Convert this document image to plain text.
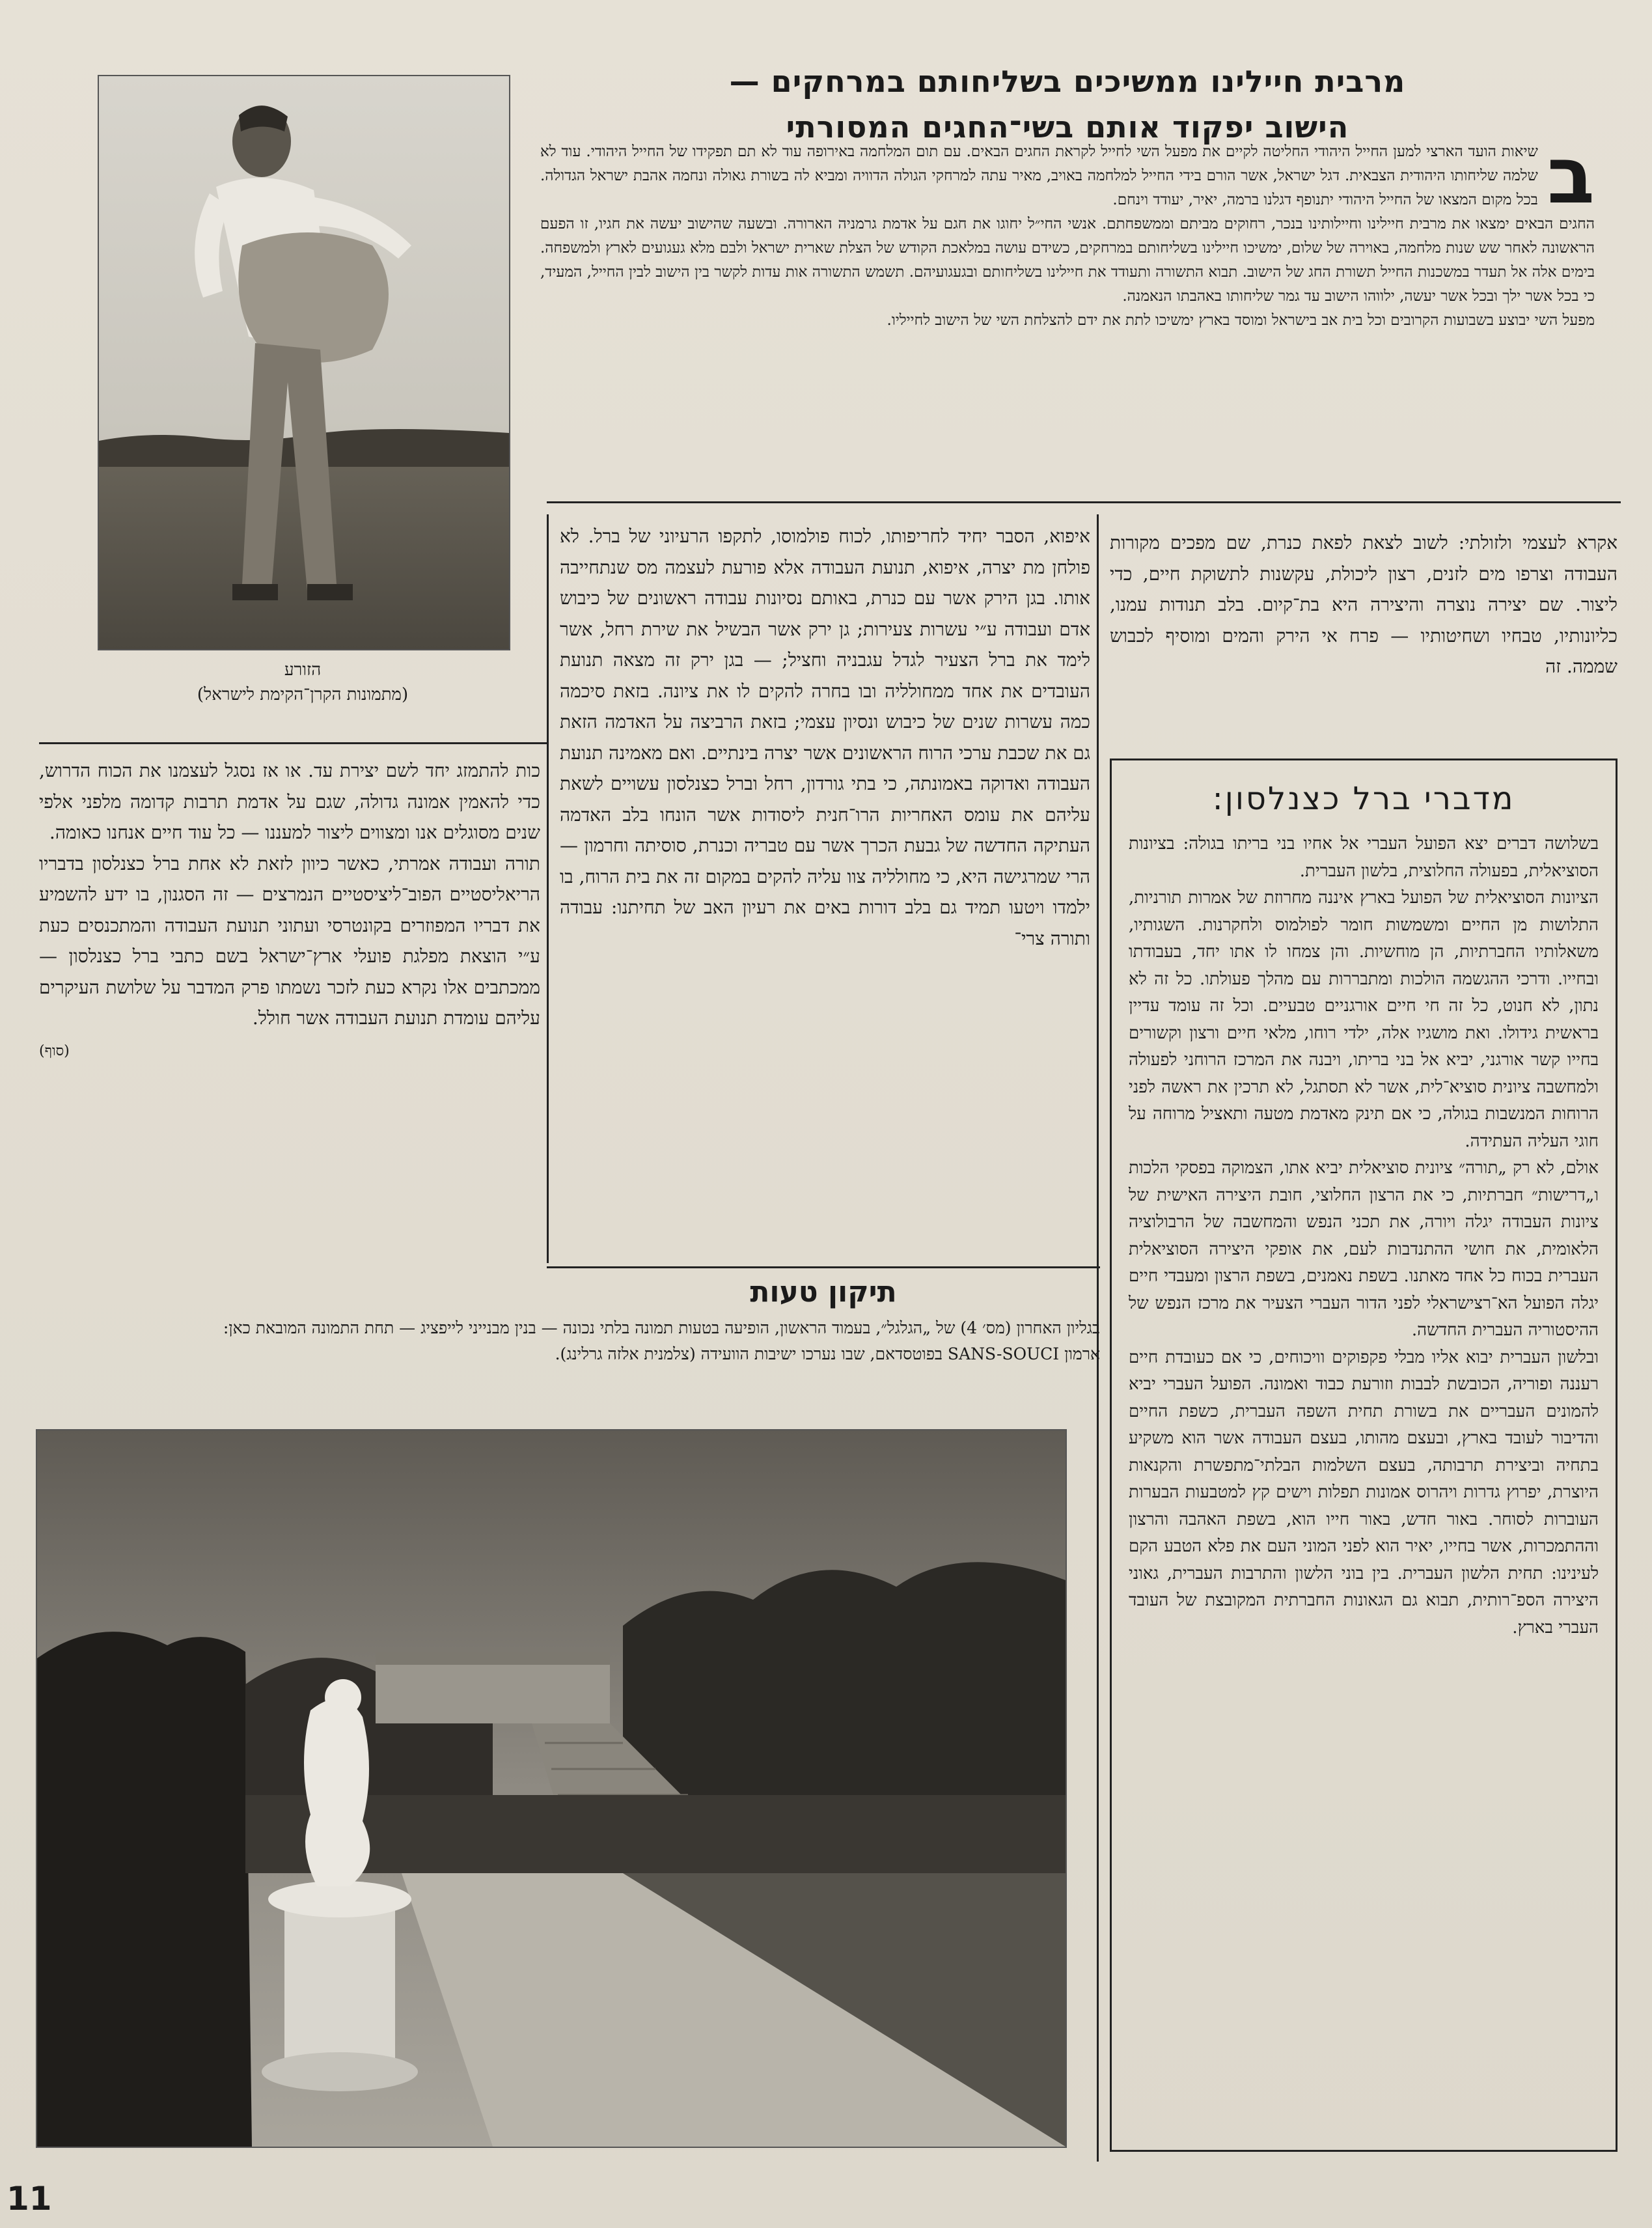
מרבית חיילינו ממשיכים בשליחותם במרחקים —
הישוב יפקוד אותם בשי־החגים המסורתי
ב

שיאות הועד הארצי למען החייל היהודי החליטה לקיים את מפעל השי לחייל לקראת החגים הבאים. עם תום המלחמה באירופה עוד לא תם תפקידו של החייל היהודי. עוד לא שלמה שליחותו היהודית הצבאית. דגל ישראל, אשר הורם בידי החייל למלחמה באויב, מאיר עתה למרחקי הגולה הדוויה ומביא לה בשורת גאולה ונחמה אהבת ישראל הגדולה. בכל מקום המצאו של החייל היהודי יתנופף דגלנו ברמה, יאיר, יעודד וינחם.

החגים הבאים ימצאו את מרבית חיילינו וחיילותינו בנכר, רחוקים מביתם וממשפחתם. אנשי החי״ל יחוגו את חגם על אדמת גרמניה הארורה. ובשעה שהישוב יעשה את חגיו, זו הפעם הראשונה לאחר שש שנות מלחמה, באוירה של שלום, ימשיכו חיילינו בשליחותם במרחקים, כשידם עושה במלאכת הקודש של הצלת שארית ישראל ולבם מלא געגועים לארץ ולמשפחה. בימים אלה אל תעדר במשכנות החייל תשורת החג של הישוב. תבוא התשורה ותעודד את חיילינו בשליחותם ובגעגועיהם. תשמש התשורה אות עדות לקשר בין הישוב לבין החייל, המעיד, כי בכל אשר ילך ובכל אשר יעשה, ילווהו הישוב עד גמר שליחותו באהבתו הנאמנה.

מפעל השי יבוצע בשבועות הקרובים וכל בית אב בישראל ומוסד בארץ ימשיכו לתת את ידם להצלחת השי של הישוב לחייליו.

הזורע
(מתמונות הקרן־הקימת לישראל)

אקרא לעצמי ולזולתי: לשוב לצאת לפאת כנרת, שם מפכים מקורות העבודה וצרפו מים לזנים, רצון ליכולת, עקשנות לתשוקת חיים, כדי ליצור. שם יצירה נוצרה והיצירה היא בת־קיום. בלב תנודות עמנו, כליונותיו, טבחיו ושחיטותיו — פרח אי הירק והמים ומוסיף לכבוש שממה. זה

איפוא, הסבר יחיד לחריפותו, לכוח פולמוסו, לתקפו הרעיוני של ברל. לא פולחן מת יצרה, איפוא, תנועת העבודה אלא פורעת לעצמה מס שנתחייבה אותו. בגן הירק אשר עם כנרת, באותם נסיונות עבודה ראשונים של כיבוש אדם ועבודה ע״י עשרות צעירות; גן ירק אשר הבשיל את שירת רחל, אשר לימד את ברל הצעיר לגדל עגבניה וחציל; — בגן ירק זה מצאה תנועת העובדים את אחד ממחולליה ובו בחרה להקים לו את ציונה. בזאת סיכמה כמה עשרות שנים של כיבוש ונסיון עצמי; בזאת הרביצה על האדמה הזאת גם את שכבת ערכי הרוח הראשונים אשר יצרה בינתיים. ואם מאמינה תנועת העבודה ואדוקה באמונתה, כי בתי גורדון, רחל וברל כצנלסון עשויים לשאת עליהם את עומס האחריות הרו־חנית ליסודות אשר הונחו בלב האדמה העתיקה החדשה של גבעת הכרך אשר עם טבריה וכנרת, סוסיתה וחרמון — הרי שמרגישה היא, כי מחולליה צוו עליה להקים במקום זה את בית הרוח, בו ילמדו ויטעו תמיד גם בלב דורות באים את רעיון האב של תחיתנו: עבודה ותורה צרי־

כות להתמזג יחד לשם יצירת עד. או אז נסגל לעצמנו את הכוח הדרוש, כדי להאמין אמונה גדולה, שגם על אדמת תרבות קדומה מלפני אלפי שנים מסוגלים אנו ומצווים ליצור למעננו — כל עוד חיים אנחנו כאומה.

תורה ועבודה אמרתי, כאשר כיוון לזאת לא אחת ברל כצנלסון בדבריו הריאליסטיים הפוב־ליציסטיים הנמרצים — זה הסגנון, בו ידע להשמיע את דבריו המפוזרים בקונטרסי ועתוני תנועת העבודה והמתכנסים כעת ע״י הוצאת מפלגת פועלי ארץ־ישראל בשם כתבי ברל כצנלסון — ממכתבים אלו נקרא כעת לזכר נשמתו פרק המדבר על שלושת העיקרים עליהם עומדת תנועת העבודה אשר חולל.

(סוף)

מדברי ברל כצנלסון:

בשלושה דברים יצא הפועל העברי אל אחיו בני בריתו בגולה: בציונות הסוציאלית, בפעולה החלוצית, בלשון העברית.

הציונות הסוציאלית של הפועל בארץ איננה מחרוזת של אמרות תורניות, התלושות מן החיים ומשמשות חומר לפולמוס ולחקרנות. השגותיו, משאלותיו החברתיות, הן מוחשיות. והן צמחו לו אתו יחד, בעבודתו ובחייו. ודרכי ההגשמה הולכות ומתבררות עם מהלך פעולתו. כל זה לא נתון, לא חנוט, כל זה חי חיים אורגניים טבעיים. וכל זה עומד עדיין בראשית גידולו. ואת מושגיו אלה, ילדי רוחו, מלאי חיים ורצון וקשורים בחייו קשר אורגני, יביא אל בני בריתו, ויבנה את המרכז הרוחני לפעולה ולמחשבה ציונית סוציא־לית, אשר לא תסתגל, לא תרכין את ראשה לפני הרוחות המנשבות בגולה, כי אם תינק מאדמת מטעה ותאציל מרוחה על חוגי העליה העתידה.

אולם, לא רק „תורה״ ציונית סוציאלית יביא אתו, הצמוקה בפסקי הלכות ו„דרישות״ חברתיות, כי את הרצון החלוצי, חובת היצירה האישית של ציונות העבודה יגלה ויורה, את תכני הנפש והמחשבה של הרבולוציה הלאומית, את חושי ההתנדבות לעם, את אופקי היצירה הסוציאלית העברית בכוח כל אחד מאתנו. בשפת נאמנים, בשפת הרצון ומעבדי חיים יגלה הפועל הא־רצישראלי לפני הדור העברי הצעיר את מרכז הנפש של ההיסטוריה העברית החדשה.

ובלשון העברית יבוא אליו מבלי פקפוקים וויכוחים, כי אם כעובדת חיים רעננה ופוריה, הכובשת לבבות וזורעת כבוד ואמונה. הפועל העברי יביא להמונים העבריים את בשורת תחית השפה העברית, כשפת החיים והדיבור לעובד בארץ, ובעצם מהותו, בעצם העבודה אשר הוא משקיע בתחיה וביצירת תרבותה, בעצם השלמות הבלתי־מתפשרת והקנאות היוצרת, יפרוץ גדרות ויהרוס אמונות תפלות וישים קץ למטבעות הבערות העוברות לסוחר. באור חדש, באור חייו הוא, בשפת האהבה והרצון וההתמכרות, אשר בחייו, יאיר הוא לפני המוני העם את פלא הטבע הקם לעינינו: תחית הלשון העברית. בין בוני הלשון והתרבות העברית, גאוני היצירה הספ־רותית, תבוא גם הגאונות החברתית המקובצת של העובד העברי בארץ.

תיקון טעות

בגליון האחרון (מס׳ 4) של „הגלגל״, בעמוד הראשון, הופיעה בטעות תמונה בלתי נכונה — בנין מבנייני לייפציג — תחת התמונה המובאת כאן:

ארמון SANS-SOUCI בפוטסדאם, שבו נערכו ישיבות הוועידה (צלמנית אלזה גרלינג).

11
